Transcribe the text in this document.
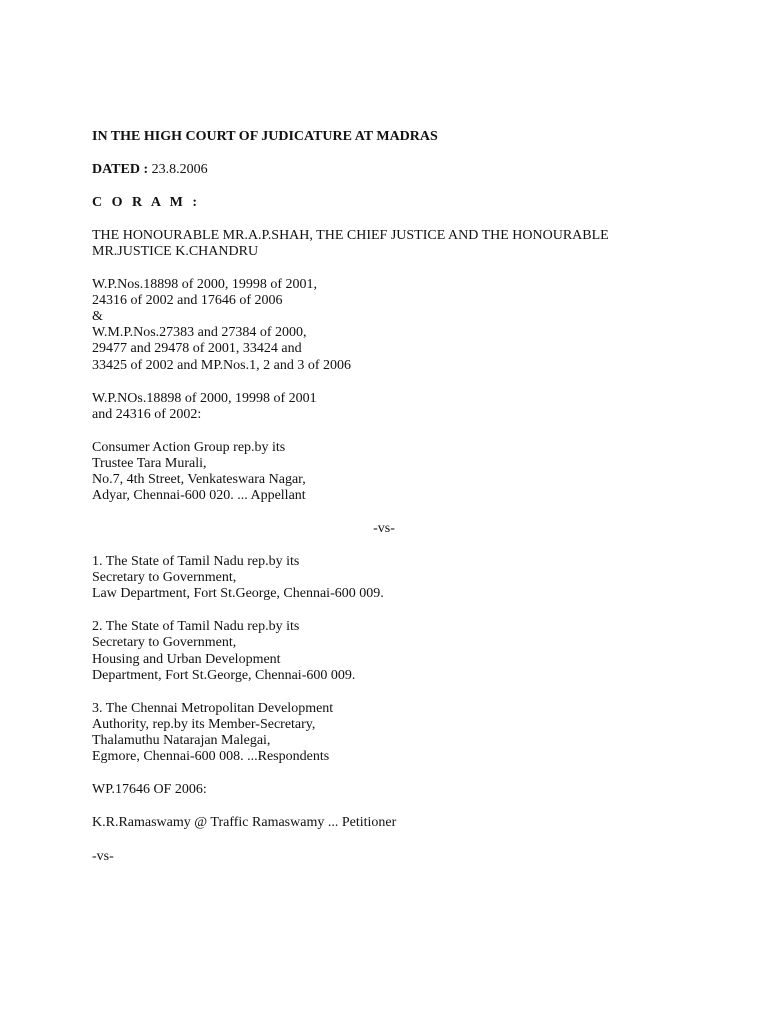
IN THE HIGH COURT OF JUDICATURE AT MADRAS
DATED : 23.8.2006
C O R A M :
THE HONOURABLE MR.A.P.SHAH, THE CHIEF JUSTICE AND THE HONOURABLE
MR.JUSTICE K.CHANDRU
W.P.Nos.18898 of 2000, 19998 of 2001,
24316 of 2002 and 17646 of 2006
&
W.M.P.Nos.27383 and 27384 of 2000,
29477 and 29478 of 2001, 33424 and
33425 of 2002 and MP.Nos.1, 2 and 3 of 2006
W.P.NOs.18898 of 2000, 19998 of 2001
and 24316 of 2002:
Consumer Action Group rep.by its
Trustee Tara Murali,
No.7, 4th Street, Venkateswara Nagar,
Adyar, Chennai-600 020. ... Appellant
-vs-
1. The State of Tamil Nadu rep.by its
Secretary to Government,
Law Department, Fort St.George, Chennai-600 009.
2. The State of Tamil Nadu rep.by its
Secretary to Government,
Housing and Urban Development
Department, Fort St.George, Chennai-600 009.
3. The Chennai Metropolitan Development
Authority, rep.by its Member-Secretary,
Thalamuthu Natarajan Malegai,
Egmore, Chennai-600 008. ...Respondents
WP.17646 OF 2006:
K.R.Ramaswamy @ Traffic Ramaswamy ... Petitioner
-vs-
